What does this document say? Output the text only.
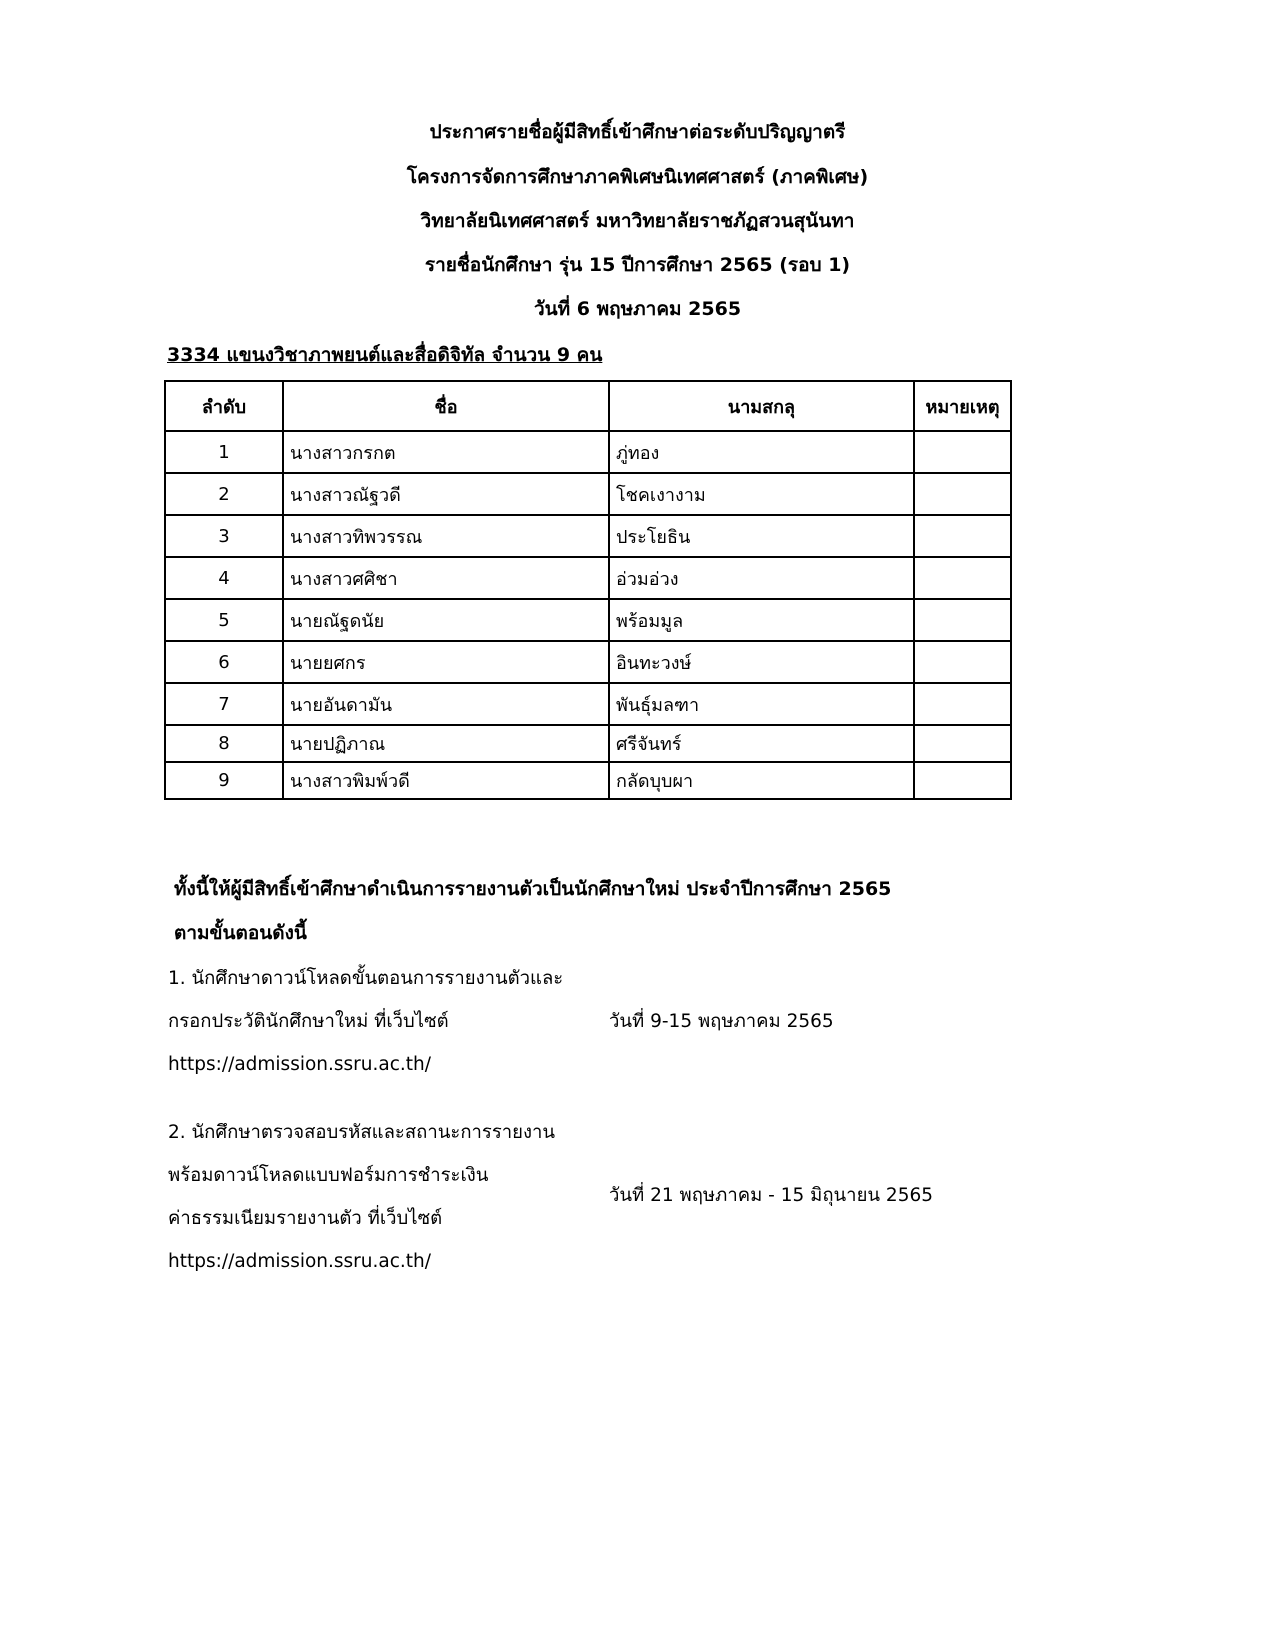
ประกาศรายชื่อผู้มีสิทธิ์เข้าศึกษาต่อระดับปริญญาตรี
โครงการจัดการศึกษาภาคพิเศษนิเทศศาสตร์ (ภาคพิเศษ)
วิทยาลัยนิเทศศาสตร์ มหาวิทยาลัยราชภัฏสวนสุนันทา
รายชื่อนักศึกษา รุ่น 15 ปีการศึกษา 2565 (รอบ 1)
วันที่ 6 พฤษภาคม 2565
3334 แขนงวิชาภาพยนต์และสื่อดิจิทัล จำนวน 9 คน
ลำดับ	ชื่อ	นามสกลุ	หมายเหตุ
1	นางสาวกรกต	ภู่ทอง	
2	นางสาวณัฐวดี	โชคเงางาม	
3	นางสาวทิพวรรณ	ประโยธิน	
4	นางสาวศศิชา	อ่วมอ่วง	
5	นายณัฐดนัย	พร้อมมูล	
6	นายยศกร	อินทะวงษ์	
7	นายอันดามัน	พันธุ์มลฑา	
8	นายปฏิภาณ	ศรีจันทร์	
9	นางสาวพิมพ์วดี	กลัดบุบผา	
ทั้งนี้ให้ผู้มีสิทธิ์เข้าศึกษาดำเนินการรายงานตัวเป็นนักศึกษาใหม่ ประจำปีการศึกษา 2565
ตามขั้นตอนดังนี้
1. นักศึกษาดาวน์โหลดขั้นตอนการรายงานตัวและ
กรอกประวัตินักศึกษาใหม่ ที่เว็บไซต์
https://admission.ssru.ac.th/
วันที่ 9-15 พฤษภาคม 2565
2. นักศึกษาตรวจสอบรหัสและสถานะการรายงาน
พร้อมดาวน์โหลดแบบฟอร์มการชำระเงิน
ค่าธรรมเนียมรายงานตัว ที่เว็บไซต์
https://admission.ssru.ac.th/
วันที่ 21 พฤษภาคม - 15 มิถุนายน 2565
